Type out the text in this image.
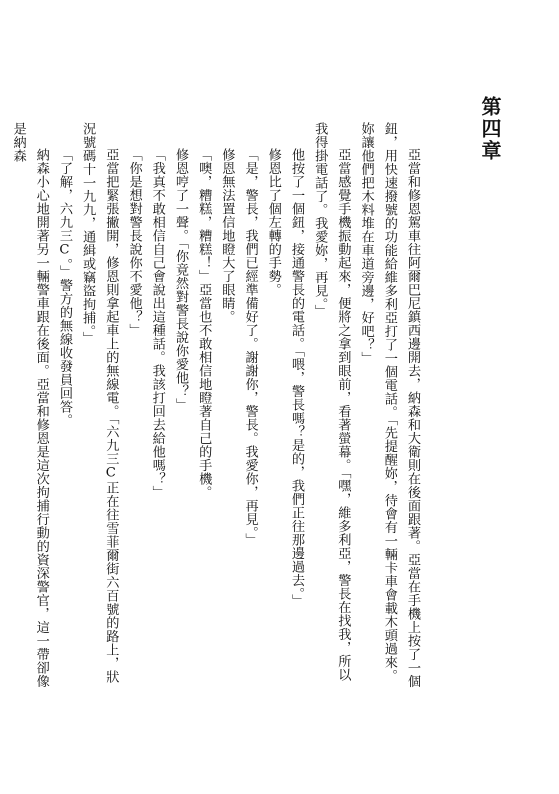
第四章

亞當和修恩駕車往阿爾巴尼鎮西邊開去，納森和大衛則在後面跟著。亞當在手機上按了一個鈕，用快速撥號的功能給維多利亞打了一個電話。「先提醒妳，待會有一輛卡車會載木頭過來。妳讓他們把木料堆在車道旁邊，好吧？」

亞當感覺手機振動起來，便將之拿到眼前，看著螢幕。「嘿，維多利亞，警長在找我，所以我得掛電話了。我愛妳，再見。」

他按了一個鈕，接通警長的電話。「喂，警長嗎？是的，我們正往那邊過去。」

修恩比了個左轉的手勢。

「是，警長，我們已經準備好了。謝謝你，警長。我愛你，再見。」

修恩無法置信地瞪大了眼睛。

「噢，糟糕，糟糕！」亞當也不敢相信地瞪著自己的手機。

修恩哼了一聲。「你竟然對警長說你愛他？」

「我真不敢相信自己會說出這種話。我該打回去給他嗎？」

「你是想對警長說你不愛他？」

亞當把緊張撇開，修恩則拿起車上的無線電。「六九三C正在往雪菲爾街六百號的路上，狀況號碼十一九九，通緝或竊盜拘捕。」

「了解，六九三C。」警方的無線收發員回答。

納森小心地開著另一輛警車跟在後面。亞當和修恩是這次拘捕行動的資深警官，這一帶卻像是納森
